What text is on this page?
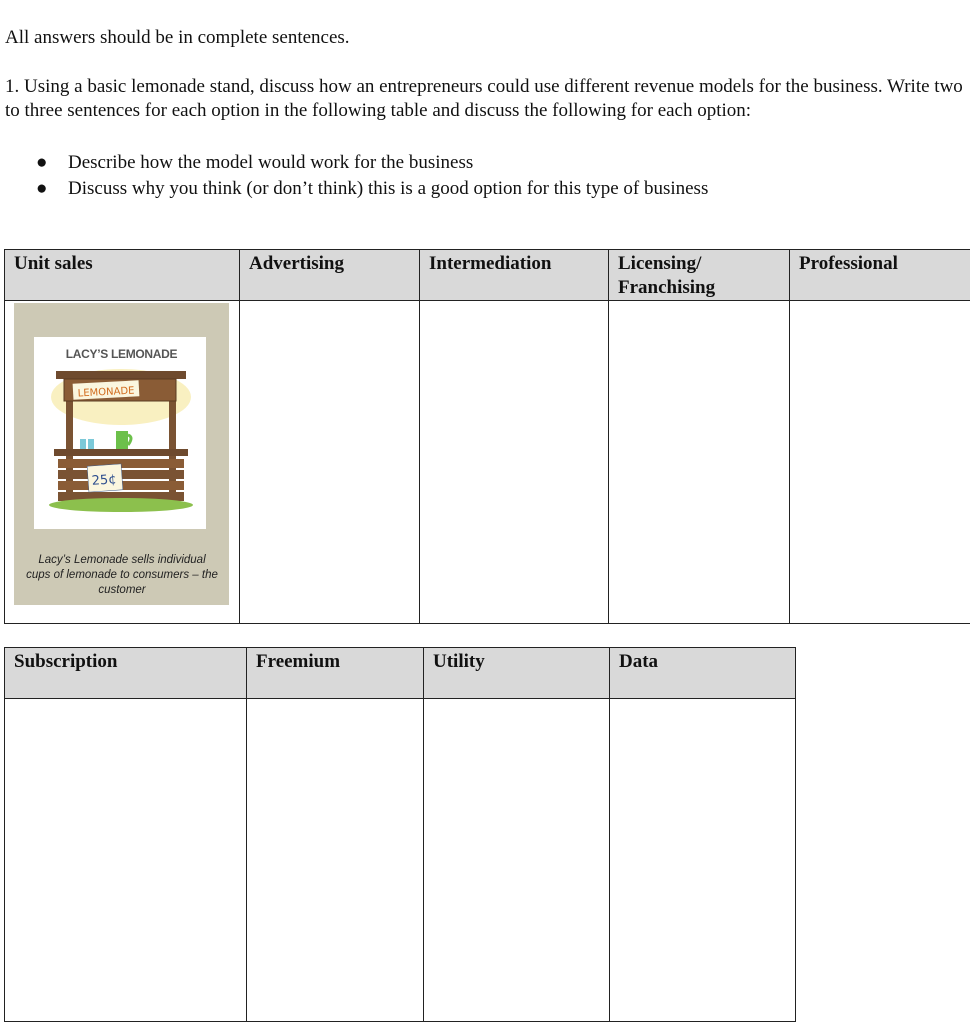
All answers should be in complete sentences.
1. Using a basic lemonade stand, discuss how an entrepreneurs could use different revenue models for the business. Write two to three sentences for each option in the following table and discuss the following for each option:
● Describe how the model would work for the business
● Discuss why you think (or don’t think) this is a good option for this type of business
Unit sales	Advertising	Intermediation	Licensing/ Franchising	Professional

LACY’S LEMONADE
LEMONADE
25¢
Lacy’s Lemonade sells individual cups of lemonade to consumers – the customer				

Subscription	Freemium	Utility	Data
